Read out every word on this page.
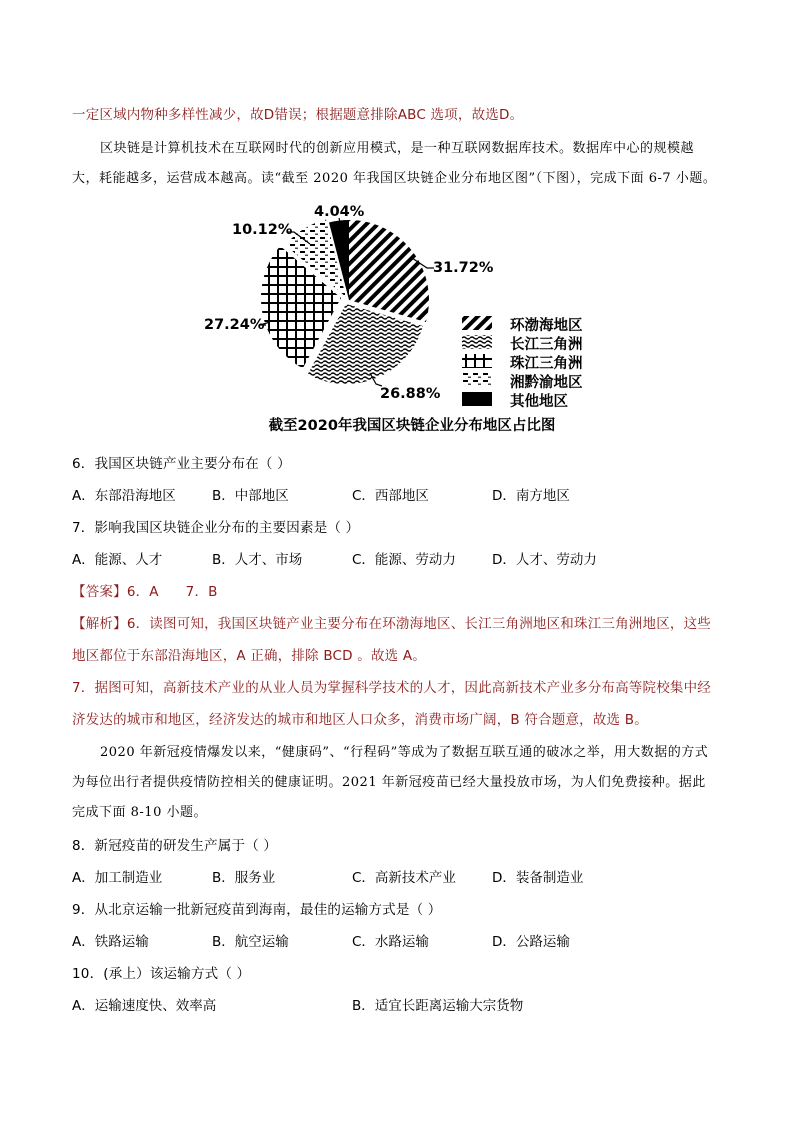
一定区域内物种多样性减少，故D错误；根据题意排除ABC 选项，故选D。
区块链是计算机技术在互联网时代的创新应用模式，是一种互联网数据库技术。数据库中心的规模越
大，耗能越多，运营成本越高。读“截至 2020 年我国区块链企业分布地区图”（下图），完成下面 6-7 小题。
4.04%
10.12%
31.72%
27.24%
26.88%
环渤海地区
长江三角洲
珠江三角洲
湘黔渝地区
其他地区
截至2020年我国区块链企业分布地区占比图
6．我国区块链产业主要分布在（ ）
A．东部沿海地区	B．中部地区	C．西部地区	D．南方地区
7．影响我国区块链企业分布的主要因素是（ ）
A．能源、人才	B．人才、市场	C．能源、劳动力	D．人才、劳动力
【答案】6．A      7．B
【解析】6．读图可知，我国区块链产业主要分布在环渤海地区、长江三角洲地区和珠江三角洲地区，这些
地区都位于东部沿海地区，A 正确，排除 BCD 。故选 A。
7．据图可知，高新技术产业的从业人员为掌握科学技术的人才，因此高新技术产业多分布高等院校集中经
济发达的城市和地区，经济发达的城市和地区人口众多，消费市场广阔，B 符合题意，故选 B。
2020 年新冠疫情爆发以来，“健康码”、“行程码”等成为了数据互联互通的破冰之举，用大数据的方式
为每位出行者提供疫情防控相关的健康证明。2021 年新冠疫苗已经大量投放市场，为人们免费接种。据此
完成下面 8-10 小题。
8．新冠疫苗的研发生产属于（ ）
A．加工制造业	B．服务业	C．高新技术产业	D．装备制造业
9．从北京运输一批新冠疫苗到海南，最佳的运输方式是（ ）
A．铁路运输	B．航空运输	C．水路运输	D．公路运输
10．(承上）该运输方式（ ）
A．运输速度快、效率高	B．适宜长距离运输大宗货物
